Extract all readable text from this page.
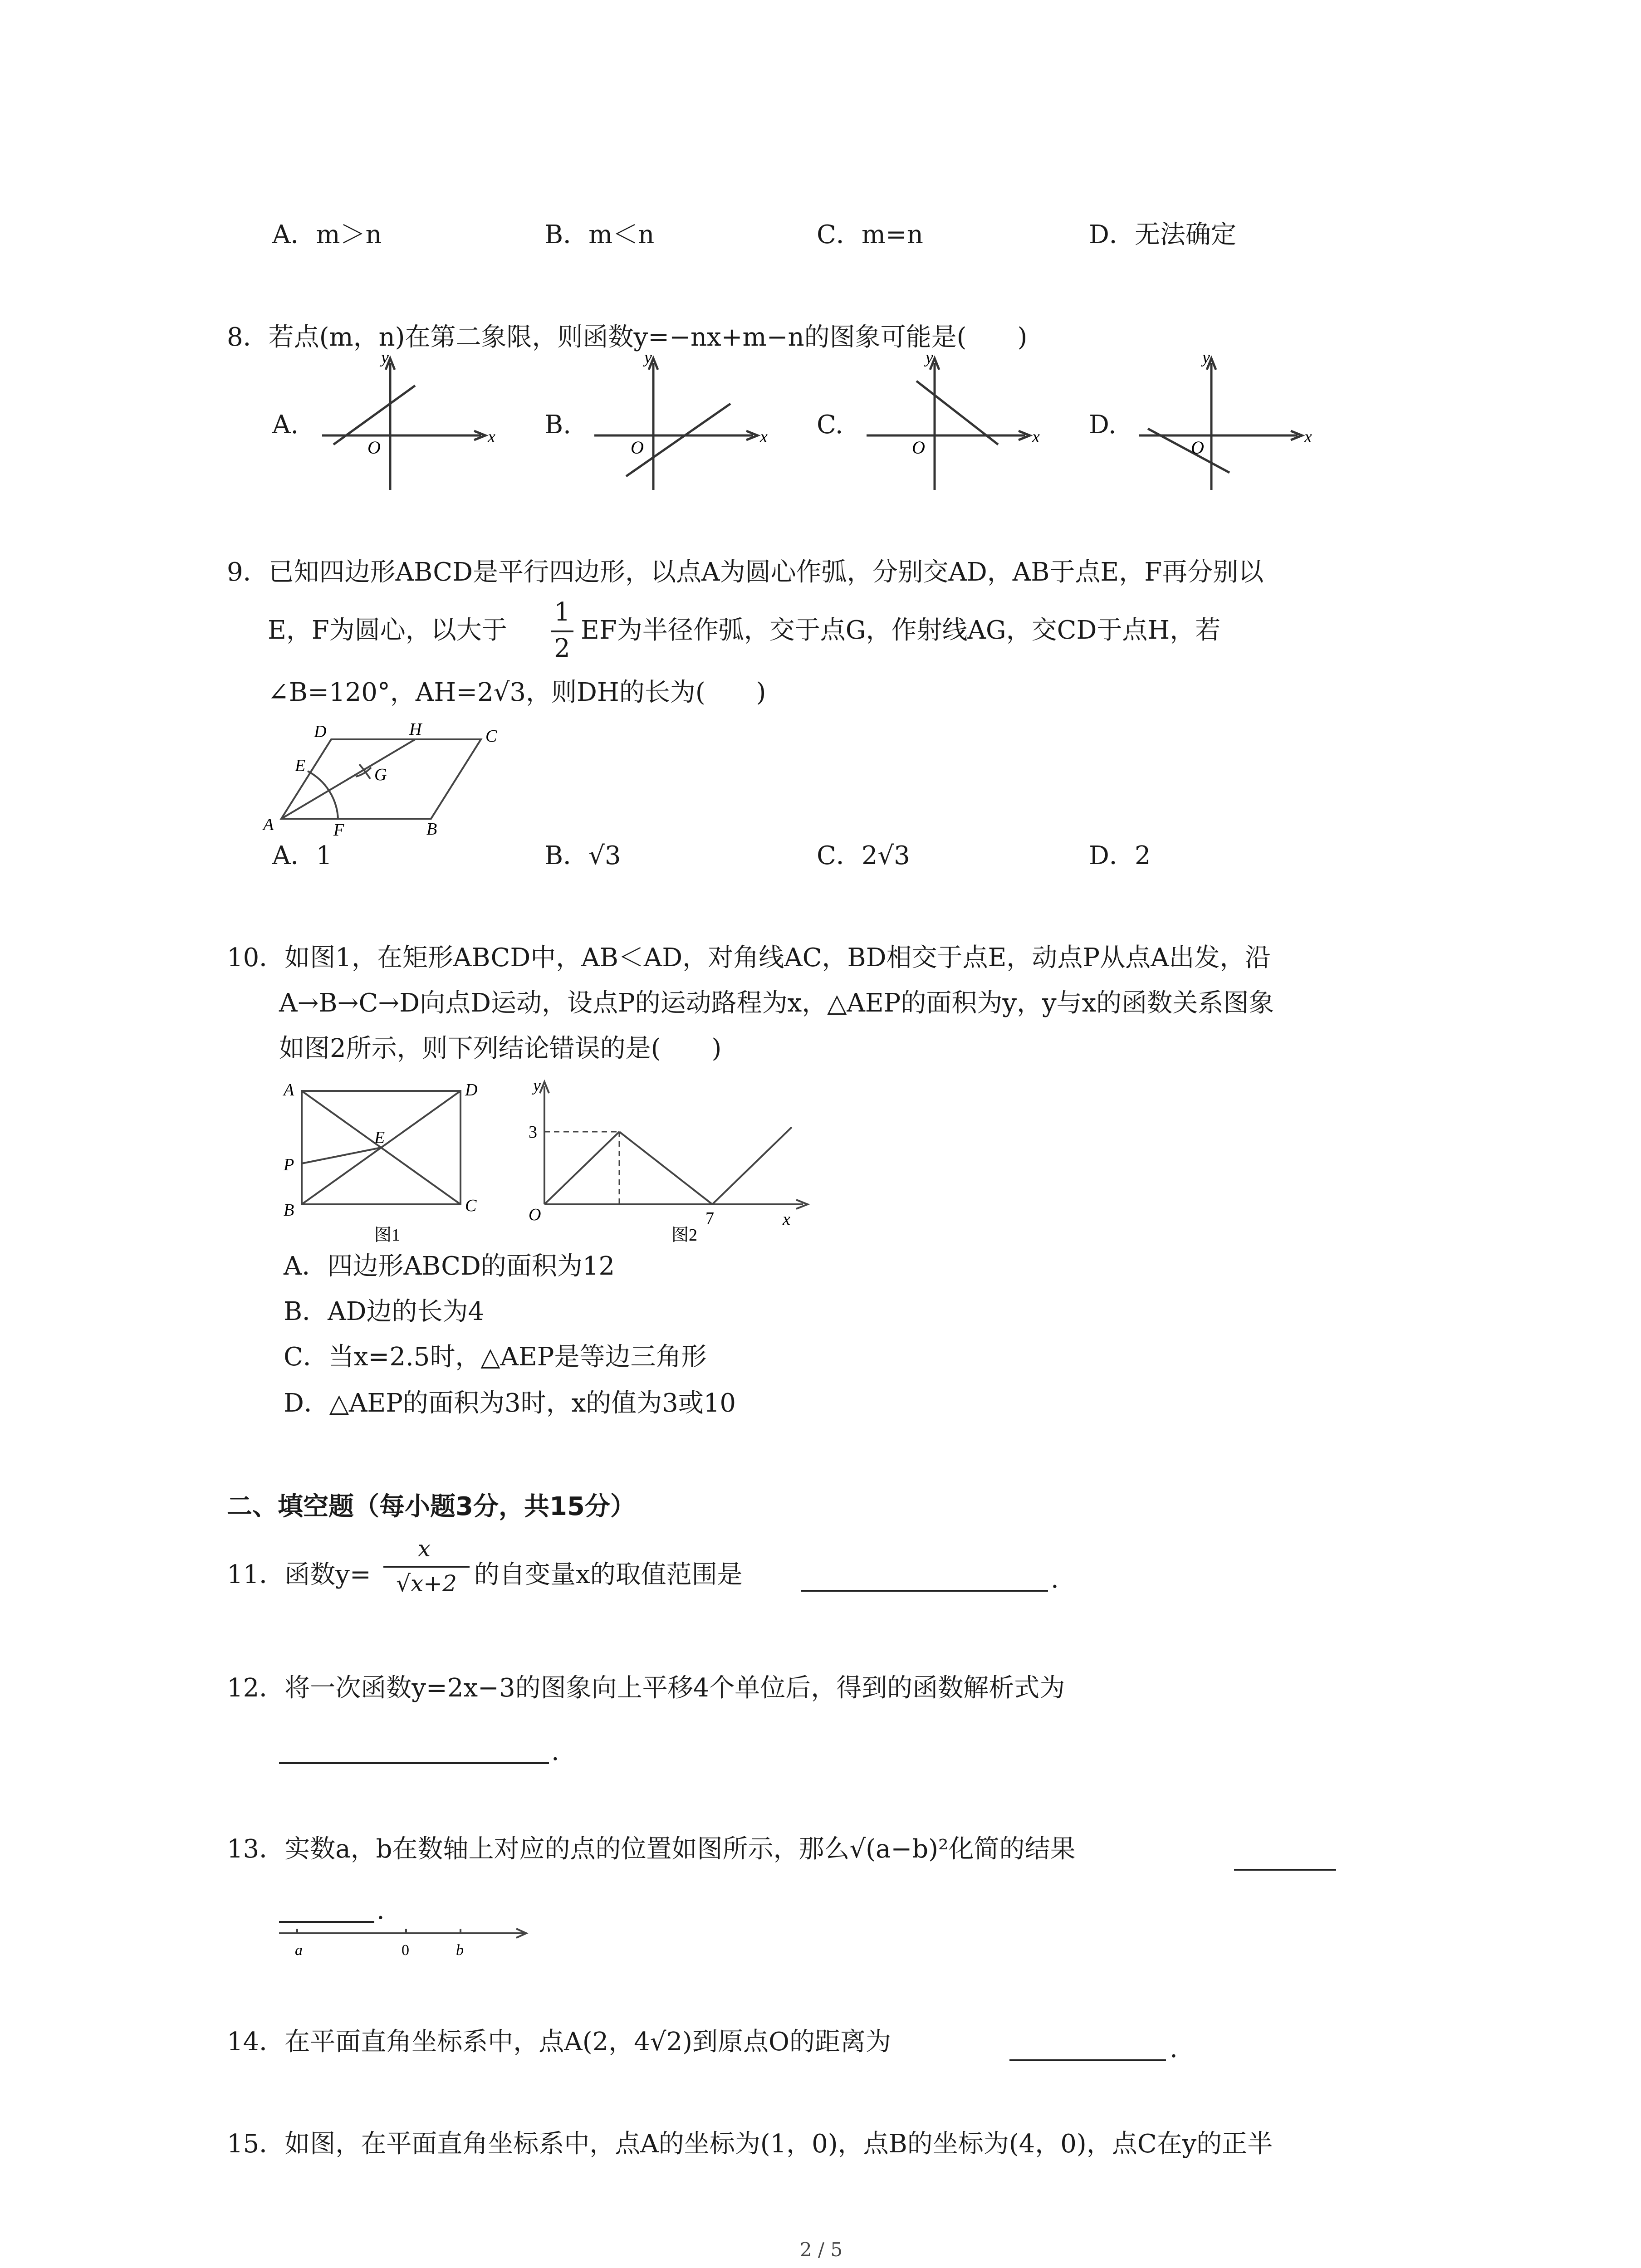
A．m＞n	B．m＜n	C．m=n	D．无法确定
8．若点(m，n)在第二象限，则函数y=−nx+m−n的图象可能是(　　)
A.
y
x
O
B.
y
x
O
C.
y
x
O
D.
y
x
O
9．已知四边形ABCD是平行四边形，以点A为圆心作弧，分别交AD，AB于点E，F再分别以
E，F为圆心，以大于
1
2
EF为半径作弧，交于点G，作射线AG，交CD于点H，若
∠B=120°，AH=2√3，则DH的长为(　　)
A	B
C
D
E
F
G
H
A．1	B．√3	C．2√3	D．2
10．如图1，在矩形ABCD中，AB＜AD，对角线AC，BD相交于点E，动点P从点A出发，沿
A→B→C→D向点D运动，设点P的运动路程为x，△AEP的面积为y，y与x的函数关系图象
如图2所示，则下列结论错误的是(　　)
A	D
E
P
B	C
图1
y
x
O
3
7
图2
A．四边形ABCD的面积为12
B．AD边的长为4
C．当x=2.5时，△AEP是等边三角形
D．△AEP的面积为3时，x的值为3或10
二、填空题（每小题3分，共15分）
11．函数y=
x
√x+2 的自变量x的取值范围是	.
12．将一次函数y=2x−3的图象向上平移4个单位后，得到的函数解析式为
.
13．实数a，b在数轴上对应的点的位置如图所示，那么√(a−b)²化简的结果
.
a	0	b
14．在平面直角坐标系中，点A(2，4√2)到原点O的距离为	.
15．如图，在平面直角坐标系中，点A的坐标为(1，0)，点B的坐标为(4，0)，点C在y的正半
2 / 5
